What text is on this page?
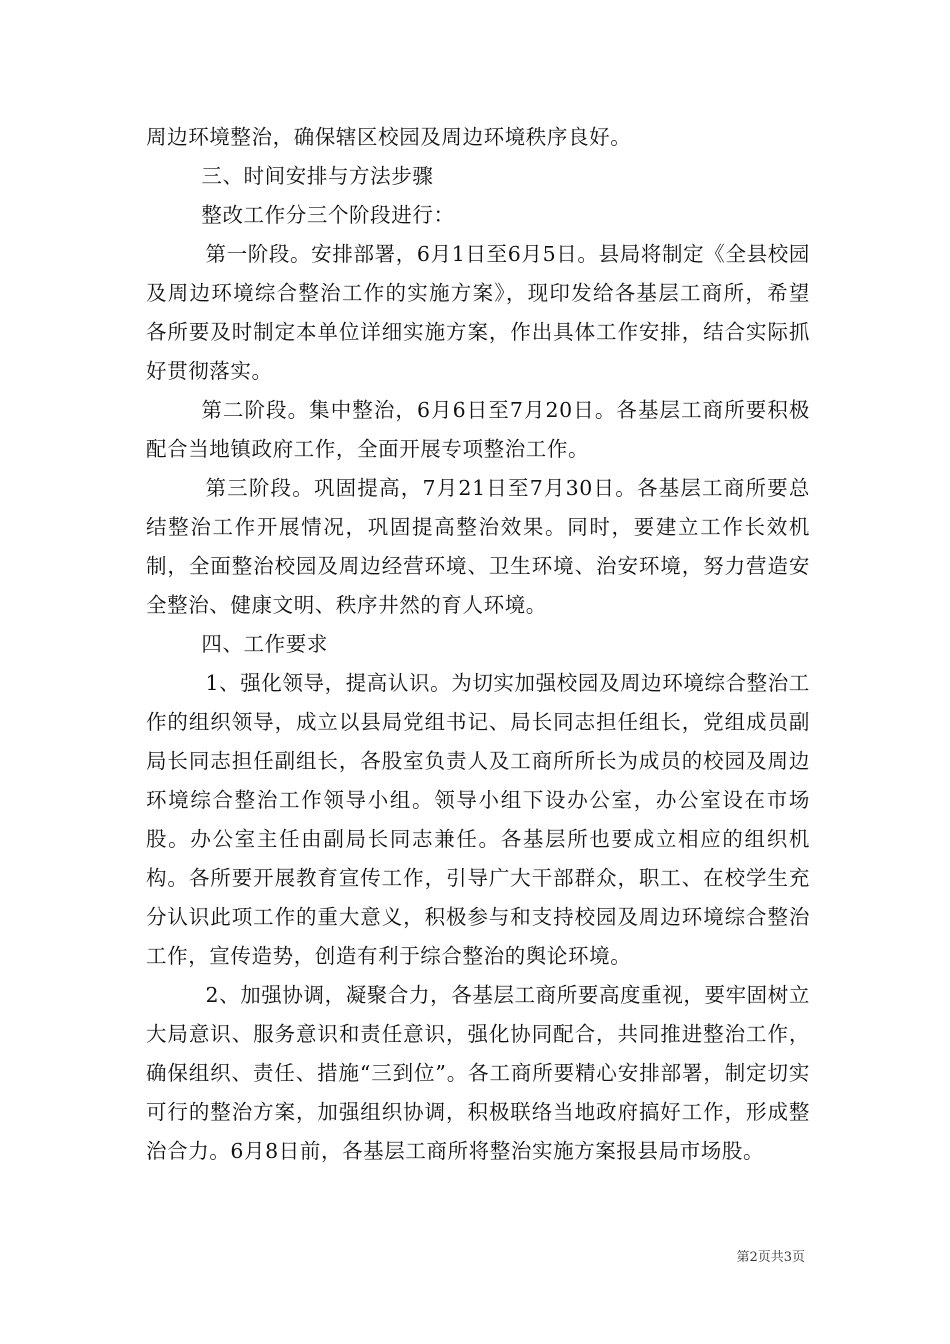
周边环境整治，确保辖区校园及周边环境秩序良好。

三、时间安排与方法步骤

整改工作分三个阶段进行：

第一阶段。安排部署，6月1日至6月5日。县局将制定《全县校园及周边环境综合整治工作的实施方案》，现印发给各基层工商所，希望各所要及时制定本单位详细实施方案，作出具体工作安排，结合实际抓好贯彻落实。

第二阶段。集中整治，6月6日至7月20日。各基层工商所要积极配合当地镇政府工作，全面开展专项整治工作。

第三阶段。巩固提高，7月21日至7月30日。各基层工商所要总结整治工作开展情况，巩固提高整治效果。同时，要建立工作长效机制，全面整治校园及周边经营环境、卫生环境、治安环境，努力营造安全整治、健康文明、秩序井然的育人环境。

四、工作要求

1、强化领导，提高认识。为切实加强校园及周边环境综合整治工作的组织领导，成立以县局党组书记、局长同志担任组长，党组成员副局长同志担任副组长，各股室负责人及工商所所长为成员的校园及周边环境综合整治工作领导小组。领导小组下设办公室，办公室设在市场股。办公室主任由副局长同志兼任。各基层所也要成立相应的组织机构。各所要开展教育宣传工作，引导广大干部群众，职工、在校学生充分认识此项工作的重大意义，积极参与和支持校园及周边环境综合整治工作，宣传造势，创造有利于综合整治的舆论环境。

2、加强协调，凝聚合力，各基层工商所要高度重视，要牢固树立大局意识、服务意识和责任意识，强化协同配合，共同推进整治工作，确保组织、责任、措施“三到位”。各工商所要精心安排部署，制定切实可行的整治方案，加强组织协调，积极联络当地政府搞好工作，形成整治合力。6月8日前，各基层工商所将整治实施方案报县局市场股。

第2页共3页
